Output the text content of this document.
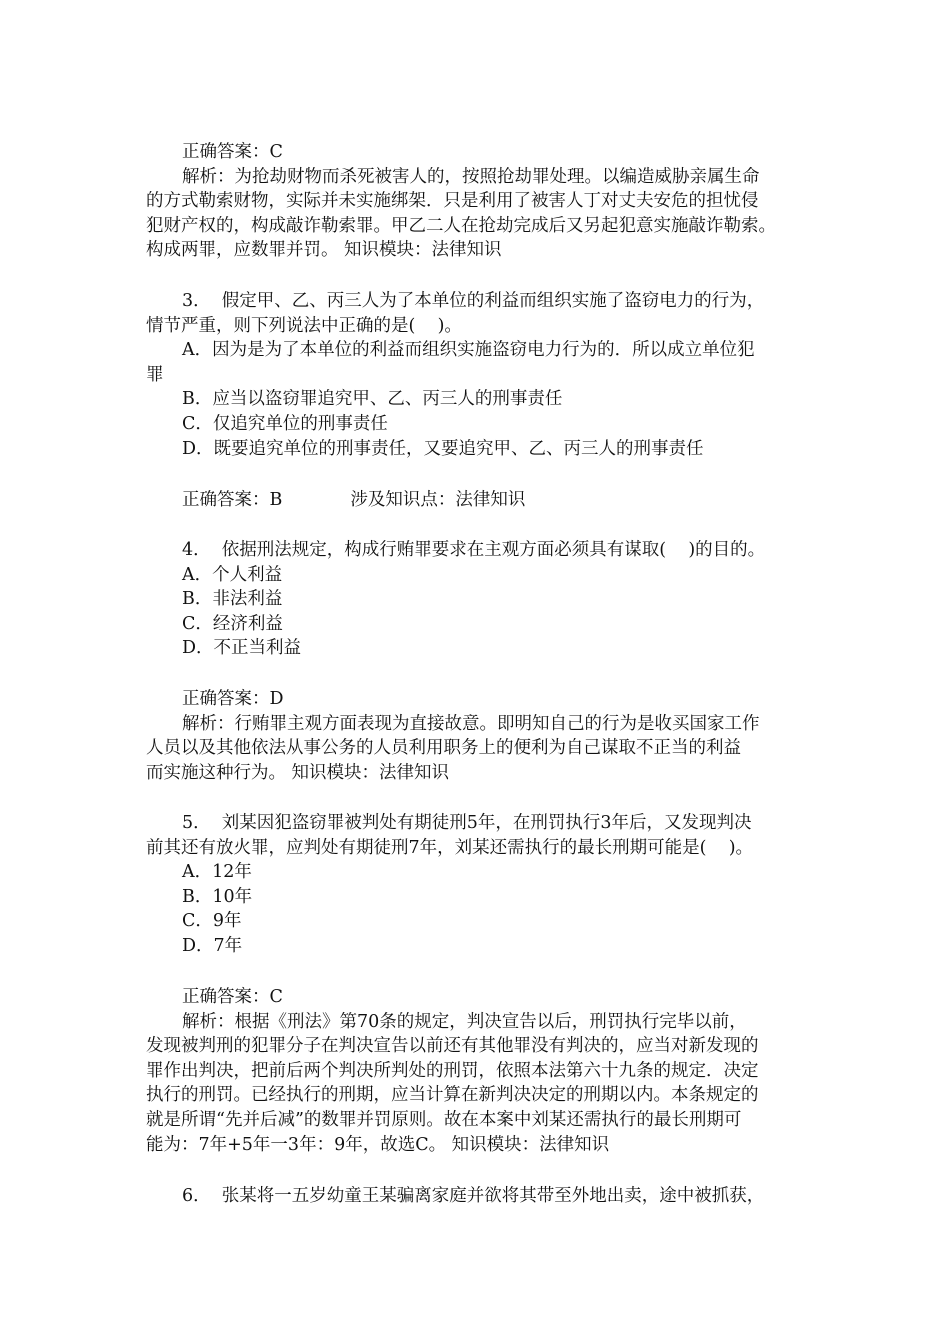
正确答案：C
解析：为抢劫财物而杀死被害人的，按照抢劫罪处理。以编造威胁亲属生命
的方式勒索财物，实际并未实施绑架．只是利用了被害人丁对丈夫安危的担忧侵
犯财产权的，构成敲诈勒索罪。甲乙二人在抢劫完成后又另起犯意实施敲诈勒索。
构成两罪，应数罪并罚。 知识模块：法律知识
3．  假定甲、乙、丙三人为了本单位的利益而组织实施了盗窃电力的行为，
情节严重，则下列说法中正确的是(    )。
A．因为是为了本单位的利益而组织实施盗窃电力行为的．所以成立单位犯
罪
B．应当以盗窃罪追究甲、乙、丙三人的刑事责任
C．仅追究单位的刑事责任
D．既要追究单位的刑事责任，又要追究甲、乙、丙三人的刑事责任
正确答案：B	涉及知识点：法律知识
4．  依据刑法规定，构成行贿罪要求在主观方面必须具有谋取(    )的目的。
A．个人利益
B．非法利益
C．经济利益
D．不正当利益
正确答案：D
解析：行贿罪主观方面表现为直接故意。即明知自己的行为是收买国家工作
人员以及其他依法从事公务的人员利用职务上的便利为自己谋取不正当的利益
而实施这种行为。 知识模块：法律知识
5．  刘某因犯盗窃罪被判处有期徒刑5年，在刑罚执行3年后，又发现判决
前其还有放火罪，应判处有期徒刑7年，刘某还需执行的最长刑期可能是(    )。
A．12年
B．10年
C．9年
D．7年
正确答案：C
解析：根据《刑法》第70条的规定，判决宣告以后，刑罚执行完毕以前，
发现被判刑的犯罪分子在判决宣告以前还有其他罪没有判决的，应当对新发现的
罪作出判决，把前后两个判决所判处的刑罚，依照本法第六十九条的规定．决定
执行的刑罚。已经执行的刑期，应当计算在新判决决定的刑期以内。本条规定的
就是所谓“先并后减”的数罪并罚原则。故在本案中刘某还需执行的最长刑期可
能为：7年+5年一3年：9年，故选C。 知识模块：法律知识
6．  张某将一五岁幼童王某骗离家庭并欲将其带至外地出卖，途中被抓获，
